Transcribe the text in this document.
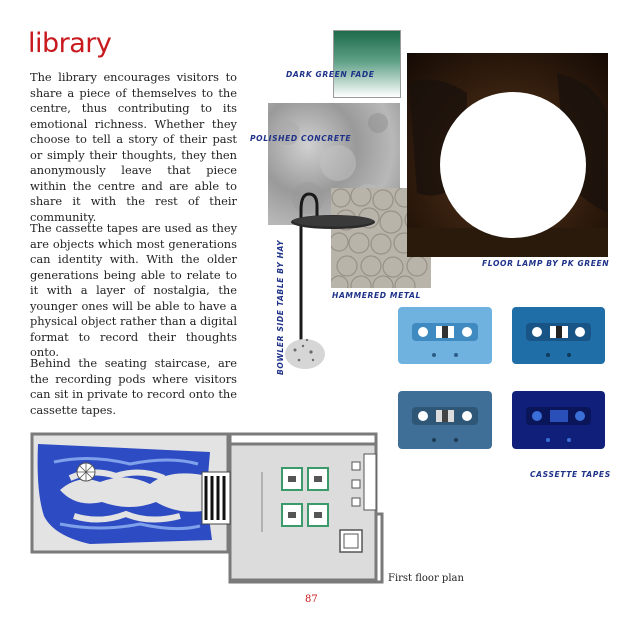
library

The library encourages visitors to share a piece of themselves to the centre, thus contributing to its emotional richness. Whether they choose to tell a story of their past or simply their thoughts, they then anonymously leave that piece within the centre and are able to share it with the rest of their community.

The cassette tapes are used as they are objects which most generations can identity with. With the older generations being able to relate to it with a layer of nostalgia, the younger ones will be able to have a physical object rather than a digital format to record their thoughts onto.

Behind the seating staircase, are the recording pods where visitors can sit in private to record onto the cassette tapes.

DARK GREEN FADE
POLISHED CONCRETE
HAMMERED METAL
BOWLER SIDE TABLE BY HAY	FLOOR LAMP BY PK GREEN
CASSETTE TAPES
First floor plan
87
